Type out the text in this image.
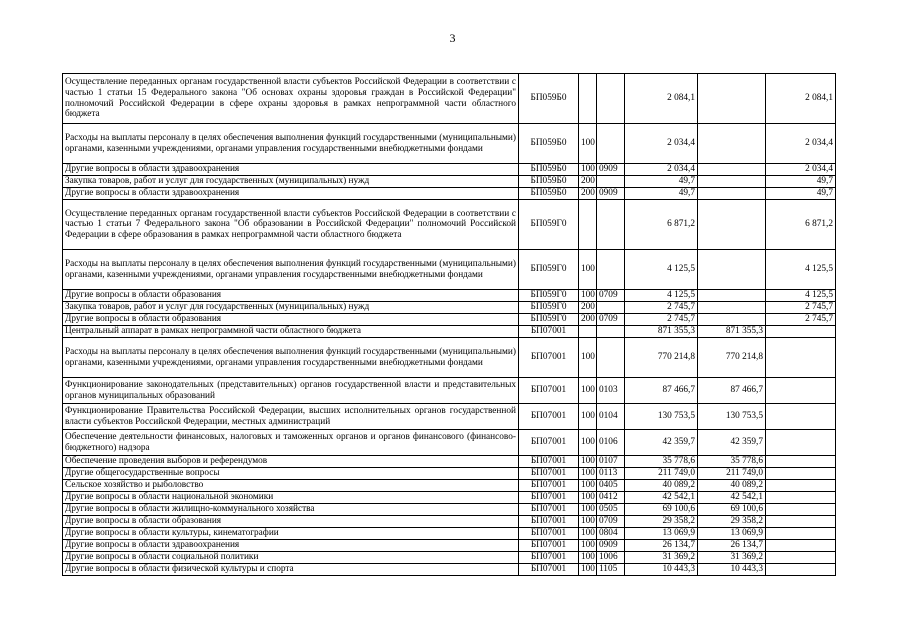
3
Осуществление переданных органам государственной власти субъектов Российской Федерации в соответствии с частью 1 статьи 15 Федерального закона "Об основах охраны здоровья граждан в Российской Федерации" полномочий Российской Федерации в сфере охраны здоровья в рамках непрограммной части областного бюджета	БП059Б0			2 084,1		2 084,1
Расходы на выплаты персоналу в целях обеспечения выполнения функций государственными (муниципальными) органами, казенными учреждениями, органами управления государственными внебюджетными фондами	БП059Б0	100		2 034,4		2 034,4
Другие вопросы в области здравоохранения	БП059Б0	100	0909	2 034,4		2 034,4
Закупка товаров, работ и услуг для государственных (муниципальных) нужд	БП059Б0	200		49,7		49,7
Другие вопросы в области здравоохранения	БП059Б0	200	0909	49,7		49,7
Осуществление переданных органам государственной власти субъектов Российской Федерации в соответствии с частью 1 статьи 7 Федерального закона "Об образовании в Российской Федерации" полномочий Российской Федерации в сфере образования в рамках непрограммной части областного бюджета	БП059Г0			6 871,2		6 871,2
Расходы на выплаты персоналу в целях обеспечения выполнения функций государственными (муниципальными) органами, казенными учреждениями, органами управления государственными внебюджетными фондами	БП059Г0	100		4 125,5		4 125,5
Другие вопросы в области образования	БП059Г0	100	0709	4 125,5		4 125,5
Закупка товаров, работ и услуг для государственных (муниципальных) нужд	БП059Г0	200		2 745,7		2 745,7
Другие вопросы в области образования	БП059Г0	200	0709	2 745,7		2 745,7
Центральный аппарат в рамках непрограммной части областного бюджета	БП07001			871 355,3	871 355,3	
Расходы на выплаты персоналу в целях обеспечения выполнения функций государственными (муниципальными) органами, казенными учреждениями, органами управления государственными внебюджетными фондами	БП07001	100		770 214,8	770 214,8	
Функционирование законодательных (представительных) органов государственной власти и представительных органов муниципальных образований	БП07001	100	0103	87 466,7	87 466,7	
Функционирование Правительства Российской Федерации, высших исполнительных органов государственной власти субъектов Российской Федерации, местных администраций	БП07001	100	0104	130 753,5	130 753,5	
Обеспечение деятельности финансовых, налоговых и таможенных органов и органов финансового (финансово-бюджетного) надзора	БП07001	100	0106	42 359,7	42 359,7	
Обеспечение проведения выборов и референдумов	БП07001	100	0107	35 778,6	35 778,6	
Другие общегосударственные вопросы	БП07001	100	0113	211 749,0	211 749,0	
Сельское хозяйство и рыболовство	БП07001	100	0405	40 089,2	40 089,2	
Другие вопросы в области национальной экономики	БП07001	100	0412	42 542,1	42 542,1	
Другие вопросы в области жилищно-коммунального хозяйства	БП07001	100	0505	69 100,6	69 100,6	
Другие вопросы в области образования	БП07001	100	0709	29 358,2	29 358,2	
Другие вопросы в области культуры, кинематографии	БП07001	100	0804	13 069,9	13 069,9	
Другие вопросы в области здравоохранения	БП07001	100	0909	26 134,7	26 134,7	
Другие вопросы в области социальной политики	БП07001	100	1006	31 369,2	31 369,2	
Другие вопросы в области физической культуры и спорта	БП07001	100	1105	10 443,3	10 443,3	
